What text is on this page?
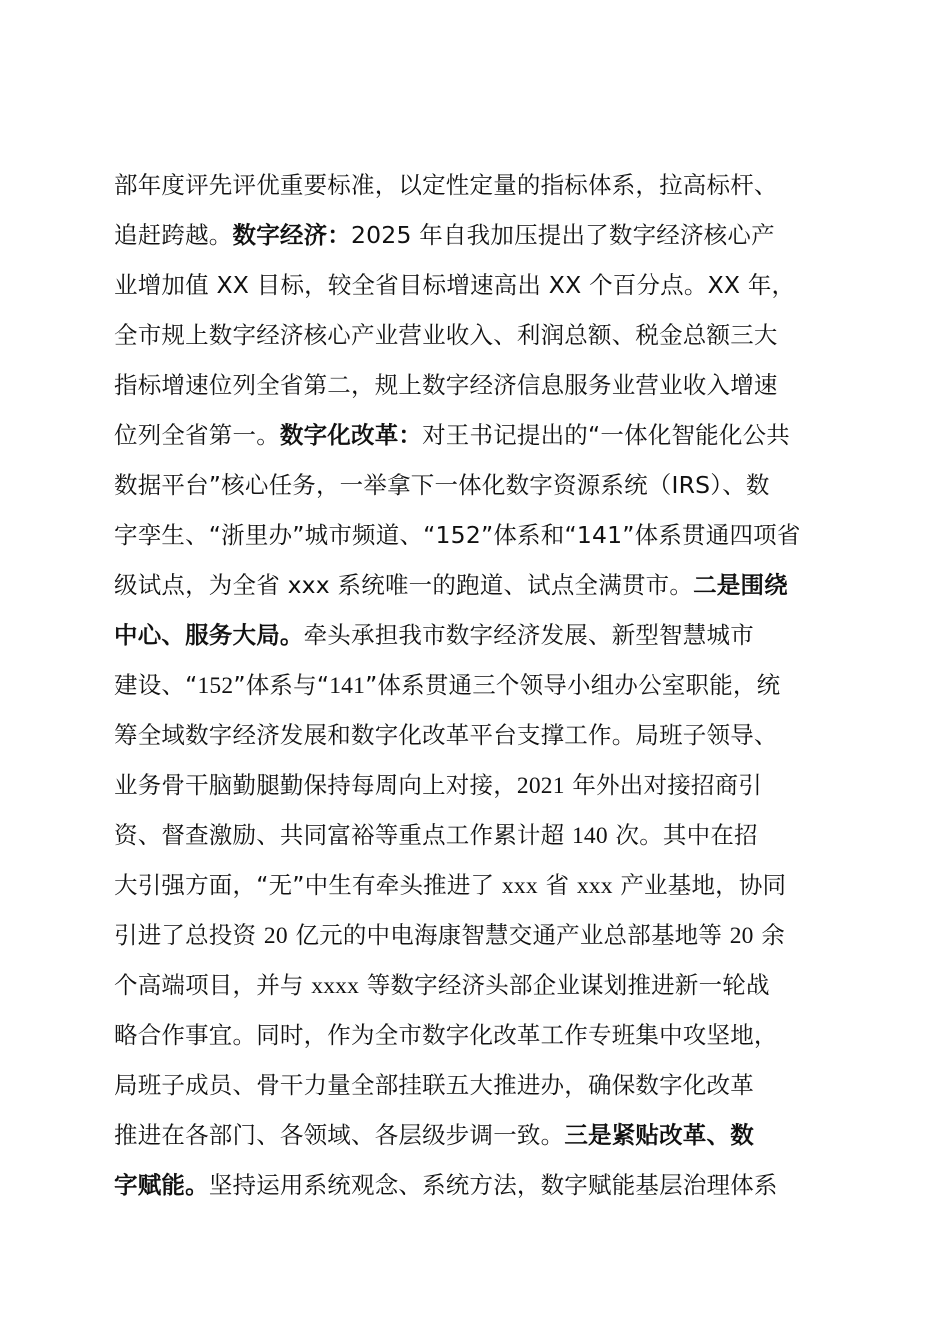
部年度评先评优重要标准，以定性定量的指标体系，拉高标杆、
追赶跨越。数字经济：2025 年自我加压提出了数字经济核心产
业增加值 XX 目标，较全省目标增速高出 XX 个百分点。XX 年，
全市规上数字经济核心产业营业收入、利润总额、税金总额三大
指标增速位列全省第二，规上数字经济信息服务业营业收入增速
位列全省第一。数字化改革：对王书记提出的“一体化智能化公共
数据平台”核心任务，一举拿下一体化数字资源系统（IRS）、数
字孪生、“浙里办”城市频道、“152”体系和“141”体系贯通四项省
级试点，为全省 xxx 系统唯一的跑道、试点全满贯市。二是围绕
中心、服务大局。牵头承担我市数字经济发展、新型智慧城市
建设、“152”体系与“141”体系贯通三个领导小组办公室职能，统
筹全域数字经济发展和数字化改革平台支撑工作。局班子领导、
业务骨干脑勤腿勤保持每周向上对接，2021 年外出对接招商引
资、督查激励、共同富裕等重点工作累计超 140 次。其中在招
大引强方面，“无”中生有牵头推进了 xxx 省 xxx 产业基地，协同
引进了总投资 20 亿元的中电海康智慧交通产业总部基地等 20 余
个高端项目，并与 xxxx 等数字经济头部企业谋划推进新一轮战
略合作事宜。同时，作为全市数字化改革工作专班集中攻坚地，
局班子成员、骨干力量全部挂联五大推进办，确保数字化改革
推进在各部门、各领域、各层级步调一致。三是紧贴改革、数
字赋能。坚持运用系统观念、系统方法，数字赋能基层治理体系
